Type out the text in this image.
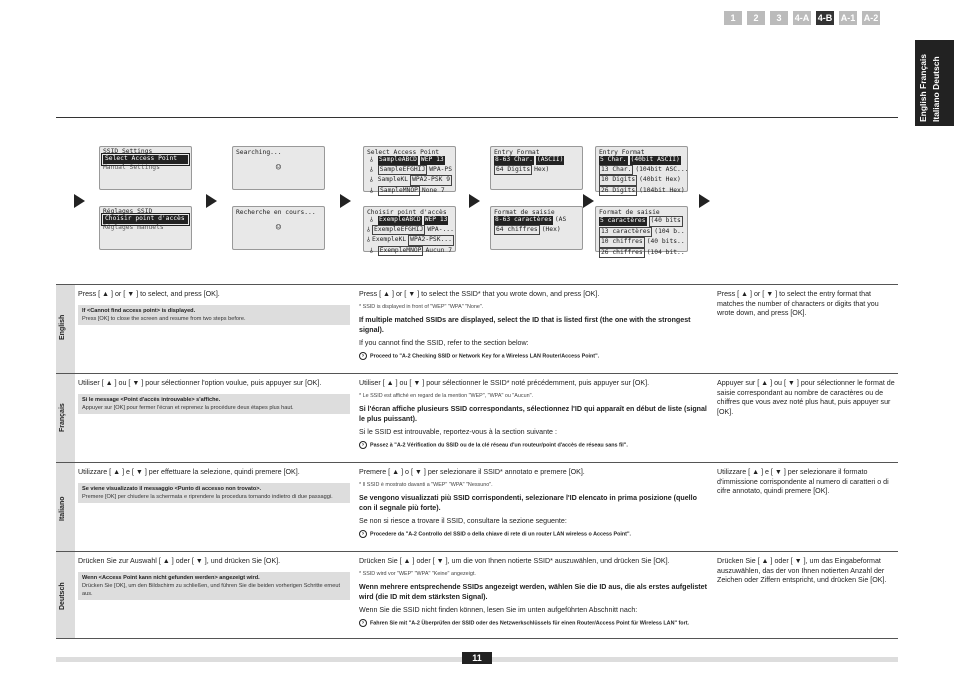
1	2	3	4-A 4-B A-1 A-2
English Français Italiano Deutsch
SSID Settings
Select Access Point
Manual Settings
Searching...
☺
Select Access Point
⫰ SampleABCD WEP 13
⫰	SampleEFGHIJ WPA-PS
⫰ SampleKL WPA2-PSK 9
⫰	SampleMNOP None 7
Entry Format
8-63 Char. (ASCII)
64 Digits Hex)
Entry Format
5 Char. (40bit ASCII)
13 Char. (104bit ASC...
10 Digits (40bit Hex)
26 Digits (104bit Hex)
Réglages SSID
Choisir point d'accès
Réglages manuels
Recherche en cours...
☺
Choisir point d'accès
⫰ ExempleABCD WEP 13
⫰ ExempleEFGHIJ WPA-...
⫰ ExempleKL WPA2-PSK...
⫰	ExempleMNOP Aucun 7
Format de saisie
8-63 caractères (AS
64 chiffres (Hex)
Format de saisie
5 caractères (40 bits
13 caractères (104 b..
10 chiffres (40 bits..
26 chiffres (104 bit..
English

Press [ ▲ ] or [ ▼ ] to select, and press [OK].

If <Cannot find access point> is displayed.
Press [OK] to close the screen and resume from two steps before.

Press [ ▲ ] or [ ▼ ] to select the SSID* that you wrote down, and press [OK].

* SSID is displayed in front of "WEP" "WPA" "None".

If multiple matched SSIDs are displayed, select the ID that is listed first (the one with the strongest signal).

If you cannot find the SSID, refer to the section below:

› Proceed to "A-2 Checking SSID or Network Key for a Wireless LAN Router/Access Point".

Press [ ▲ ] or [ ▼ ] to select the entry format that matches the number of characters or digits that you wrote down, and press [OK].

Français

Utiliser [ ▲ ] ou [ ▼ ] pour sélectionner l'option voulue, puis appuyer sur [OK].

Si le message <Point d'accès introuvable> s'affiche.
Appuyer sur [OK] pour fermer l'écran et reprenez la procédure deux étapes plus haut.

Utiliser [ ▲ ] ou [ ▼ ] pour sélectionner le SSID* noté précédemment, puis appuyer sur [OK].

* Le SSID est affiché en regard de la mention "WEP", "WPA" ou "Aucun".

Si l'écran affiche plusieurs SSID correspondants, sélectionnez l'ID qui apparaît en début de liste (signal le plus puissant).

Si le SSID est introuvable, reportez-vous à la section suivante :

› Passez à "A-2 Vérification du SSID ou de la clé réseau d'un routeur/point d'accès de réseau sans fil".

Appuyer sur [ ▲ ] ou [ ▼ ] pour sélectionner le format de saisie correspondant au nombre de caractères ou de chiffres que vous avez noté plus haut, puis appuyer sur [OK].

Italiano

Utilizzare [ ▲ ] e [ ▼ ] per effettuare la selezione, quindi premere [OK].

Se viene visualizzato il messaggio <Punto di accesso non trovato>.
Premere [OK] per chiudere la schermata e riprendere la procedura tornando indietro di due passaggi.

Premere [ ▲ ] o [ ▼ ] per selezionare il SSID* annotato e premere [OK].

* Il SSID è mostrato davanti a "WEP" "WPA" "Nessuno".

Se vengono visualizzati più SSID corrispondenti, selezionare l'ID elencato in prima posizione (quello con il segnale più forte).

Se non si riesce a trovare il SSID, consultare la sezione seguente:

› Procedere da "A-2 Controllo del SSID o della chiave di rete di un router LAN wireless o Access Point".

Utilizzare [ ▲ ] e [ ▼ ] per selezionare il formato d'immissione corrispondente al numero di caratteri o di cifre annotato, quindi premere [OK].

Deutsch

Drücken Sie zur Auswahl [ ▲ ] oder [ ▼ ], und drücken Sie [OK].

Wenn <Access Point kann nicht gefunden werden> angezeigt wird.
Drücken Sie [OK], um den Bildschirm zu schließen, und führen Sie die beiden vorherigen Schritte erneut aus.

Drücken Sie [ ▲ ] oder [ ▼ ], um die von Ihnen notierte SSID* auszuwählen, und drücken Sie [OK].

* SSID wird vor "WEP" "WPA" "Keine" angezeigt.

Wenn mehrere entsprechende SSIDs angezeigt werden, wählen Sie die ID aus, die als erstes aufgelistet wird (die ID mit dem stärksten Signal).

Wenn Sie die SSID nicht finden können, lesen Sie im unten aufgeführten Abschnitt nach:

› Fahren Sie mit "A-2 Überprüfen der SSID oder des Netzwerkschlüssels für einen Router/Access Point für Wireless LAN" fort.

Drücken Sie [ ▲ ] oder [ ▼ ], um das Eingabeformat auszuwählen, das der von Ihnen notierten Anzahl der Zeichen oder Ziffern entspricht, und drücken Sie [OK].

11
